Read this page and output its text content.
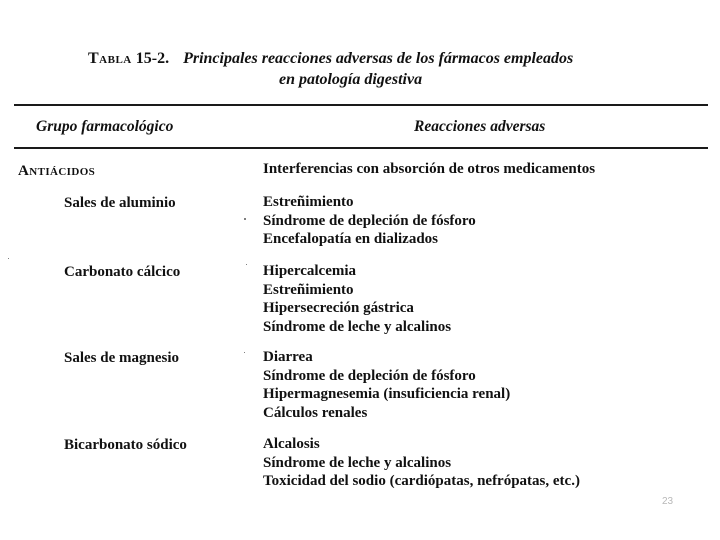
Tabla 15-2. Principales reacciones adversas de los fármacos empleados
en patología digestiva
Grupo farmacológico	Reacciones adversas
Antiácidos	Interferencias con absorción de otros medicamentos
Sales de aluminio	Estreñimiento
Síndrome de depleción de fósforo
Encefalopatía en dializados
Carbonato cálcico	Hipercalcemia
Estreñimiento
Hipersecreción gástrica
Síndrome de leche y alcalinos
Sales de magnesio	Diarrea
Síndrome de depleción de fósforo
Hipermagnesemia (insuficiencia renal)
Cálculos renales
Bicarbonato sódico	Alcalosis
Síndrome de leche y alcalinos
Toxicidad del sodio (cardiópatas, nefrópatas, etc.)
23
